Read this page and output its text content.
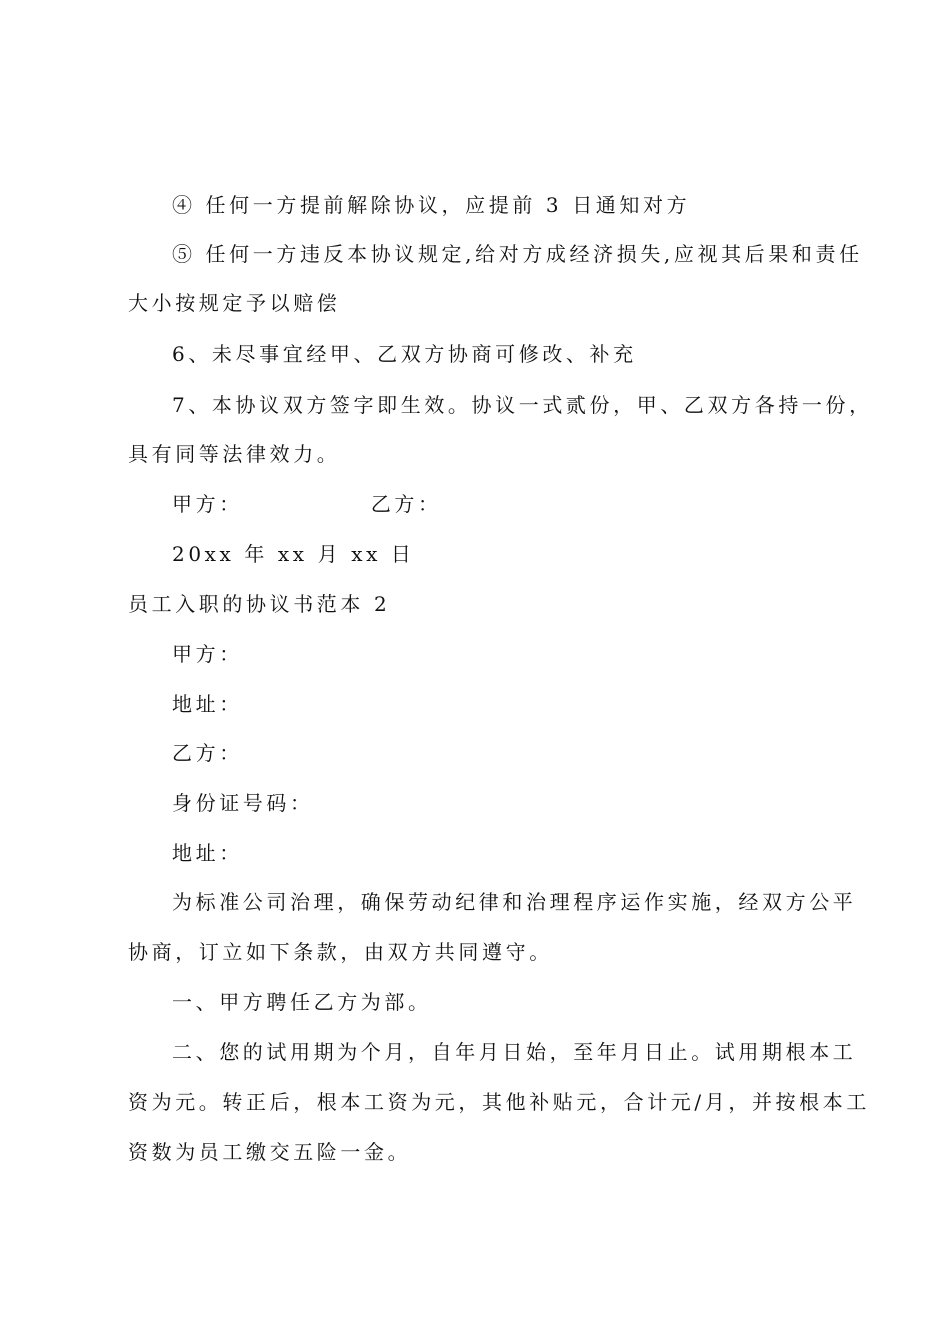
④ 任何一方提前解除协议，应提前 3 日通知对方
⑤ 任何一方违反本协议规定,给对方成经济损失,应视其后果和责任
大小按规定予以赔偿
6、未尽事宜经甲、乙双方协商可修改、补充
7、本协议双方签字即生效。协议一式贰份，甲、乙双方各持一份，
具有同等法律效力。
甲方：	乙方：
20xx 年 xx 月 xx 日
员工入职的协议书范本 2
甲方：
地址：
乙方：
身份证号码：
地址：
为标准公司治理，确保劳动纪律和治理程序运作实施，经双方公平
协商，订立如下条款，由双方共同遵守。
一、甲方聘任乙方为部。
二、您的试用期为个月，自年月日始，至年月日止。试用期根本工
资为元。转正后，根本工资为元，其他补贴元，合计元/月，并按根本工
资数为员工缴交五险一金。
